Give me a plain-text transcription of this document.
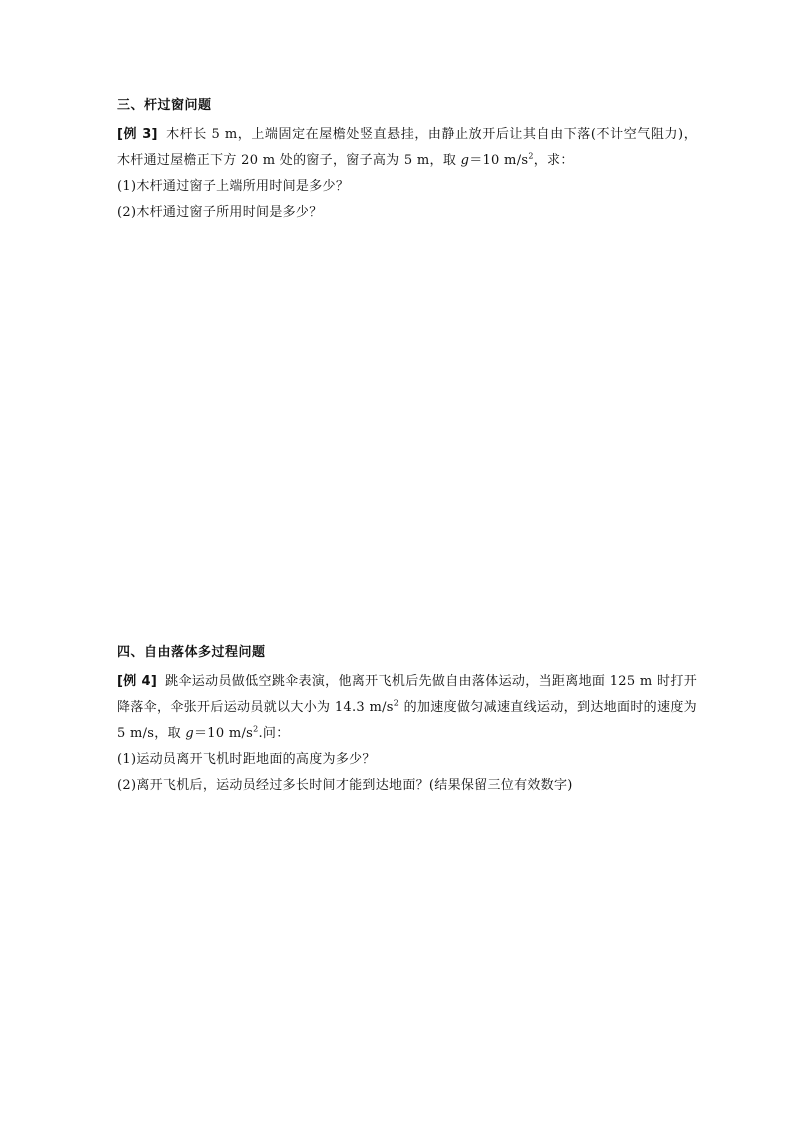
三、杆过窗问题

[例 3] 木杆长 5 m，上端固定在屋檐处竖直悬挂，由静止放开后让其自由下落(不计空气阻力)，木杆通过屋檐正下方 20 m 处的窗子，窗子高为 5 m，取 g＝10 $m/s^2$，求：

(1)木杆通过窗子上端所用时间是多少？

(2)木杆通过窗子所用时间是多少？

四、自由落体多过程问题

[例 4] 跳伞运动员做低空跳伞表演，他离开飞机后先做自由落体运动，当距离地面 125 m 时打开降落伞，伞张开后运动员就以大小为 14.3 $m/s^2$ 的加速度做匀减速直线运动，到达地面时的速度为 5 m/s，取 g＝10 $m/s^2$.问：

(1)运动员离开飞机时距地面的高度为多少？

(2)离开飞机后，运动员经过多长时间才能到达地面？(结果保留三位有效数字)
